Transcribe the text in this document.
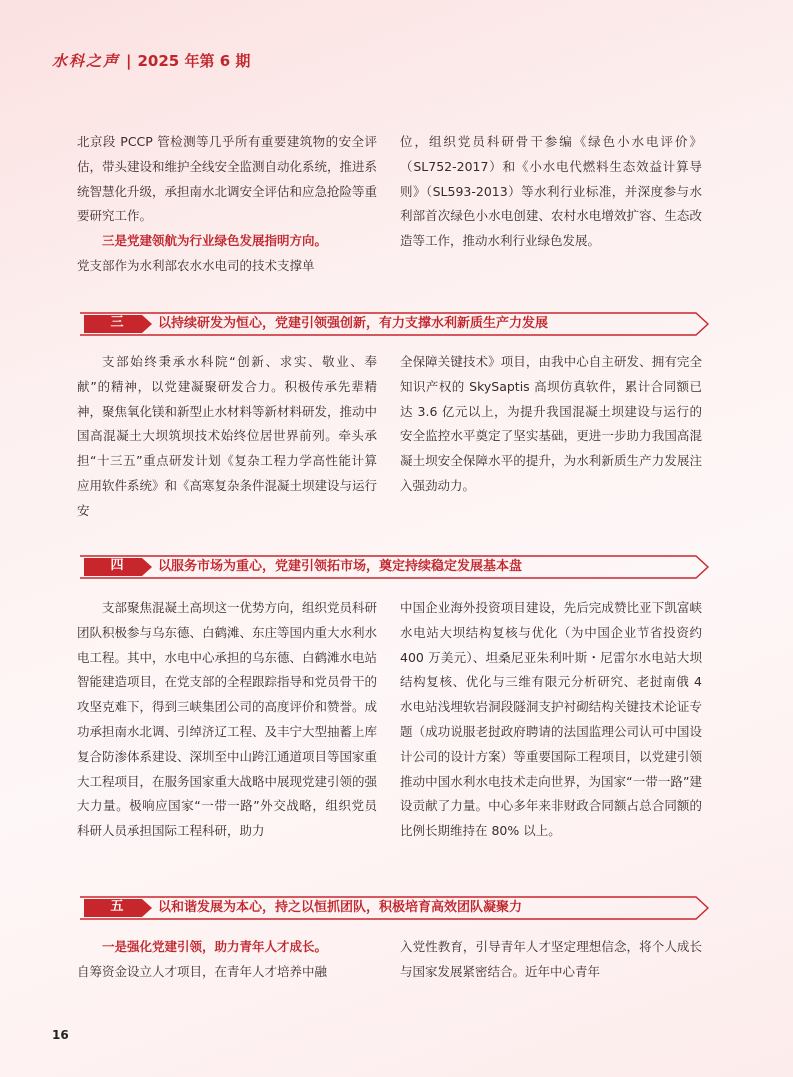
水科之声 | 2025 年第 6 期

北京段 PCCP 管检测等几乎所有重要建筑物的安全评估，带头建设和维护全线安全监测自动化系统，推进系统智慧化升级，承担南水北调安全评估和应急抢险等重要研究工作。

三是党建领航为行业绿色发展指明方向。

党支部作为水利部农水水电司的技术支撑单

位，组织党员科研骨干参编《绿色小水电评价》（SL752-2017）和《小水电代燃料生态效益计算导则》（SL593-2013）等水利行业标准，并深度参与水利部首次绿色小水电创建、农村水电增效扩容、生态改造等工作，推动水利行业绿色发展。

三	以持续研发为恒心，党建引领强创新，有力支撑水利新质生产力发展

支部始终秉承水科院“创新、求实、敬业、奉献”的精神，以党建凝聚研发合力。积极传承先辈精神，聚焦氧化镁和新型止水材料等新材料研发，推动中国高混凝土大坝筑坝技术始终位居世界前列。牵头承担“十三五”重点研发计划《复杂工程力学高性能计算应用软件系统》和《高寒复杂条件混凝土坝建设与运行安

全保障关键技术》项目，由我中心自主研发、拥有完全知识产权的 SkySaptis 高坝仿真软件，累计合同额已达 3.6 亿元以上，为提升我国混凝土坝建设与运行的安全监控水平奠定了坚实基础，更进一步助力我国高混凝土坝安全保障水平的提升，为水利新质生产力发展注入强劲动力。

四	以服务市场为重心，党建引领拓市场，奠定持续稳定发展基本盘

支部聚焦混凝土高坝这一优势方向，组织党员科研团队积极参与乌东德、白鹤滩、东庄等国内重大水利水电工程。其中，水电中心承担的乌东德、白鹤滩水电站智能建造项目，在党支部的全程跟踪指导和党员骨干的攻坚克难下，得到三峡集团公司的高度评价和赞誉。成功承担南水北调、引绰济辽工程、及丰宁大型抽蓄上库复合防渗体系建设、深圳至中山跨江通道项目等国家重大工程项目，在服务国家重大战略中展现党建引领的强大力量。极响应国家“一带一路”外交战略，组织党员科研人员承担国际工程科研，助力

中国企业海外投资项目建设，先后完成赞比亚下凯富峡水电站大坝结构复核与优化（为中国企业节省投资约 400 万美元）、坦桑尼亚朱利叶斯・尼雷尔水电站大坝结构复核、优化与三维有限元分析研究、老挝南俄 4 水电站浅埋软岩洞段隧洞支护衬砌结构关键技术论证专题（成功说服老挝政府聘请的法国监理公司认可中国设计公司的设计方案）等重要国际工程项目，以党建引领推动中国水利水电技术走向世界，为国家“一带一路”建设贡献了力量。中心多年来非财政合同额占总合同额的比例长期维持在 80% 以上。

五	以和谐发展为本心，持之以恒抓团队，积极培育高效团队凝聚力

一是强化党建引领，助力青年人才成长。

自筹资金设立人才项目，在青年人才培养中融

入党性教育，引导青年人才坚定理想信念，将个人成长与国家发展紧密结合。近年中心青年

16
